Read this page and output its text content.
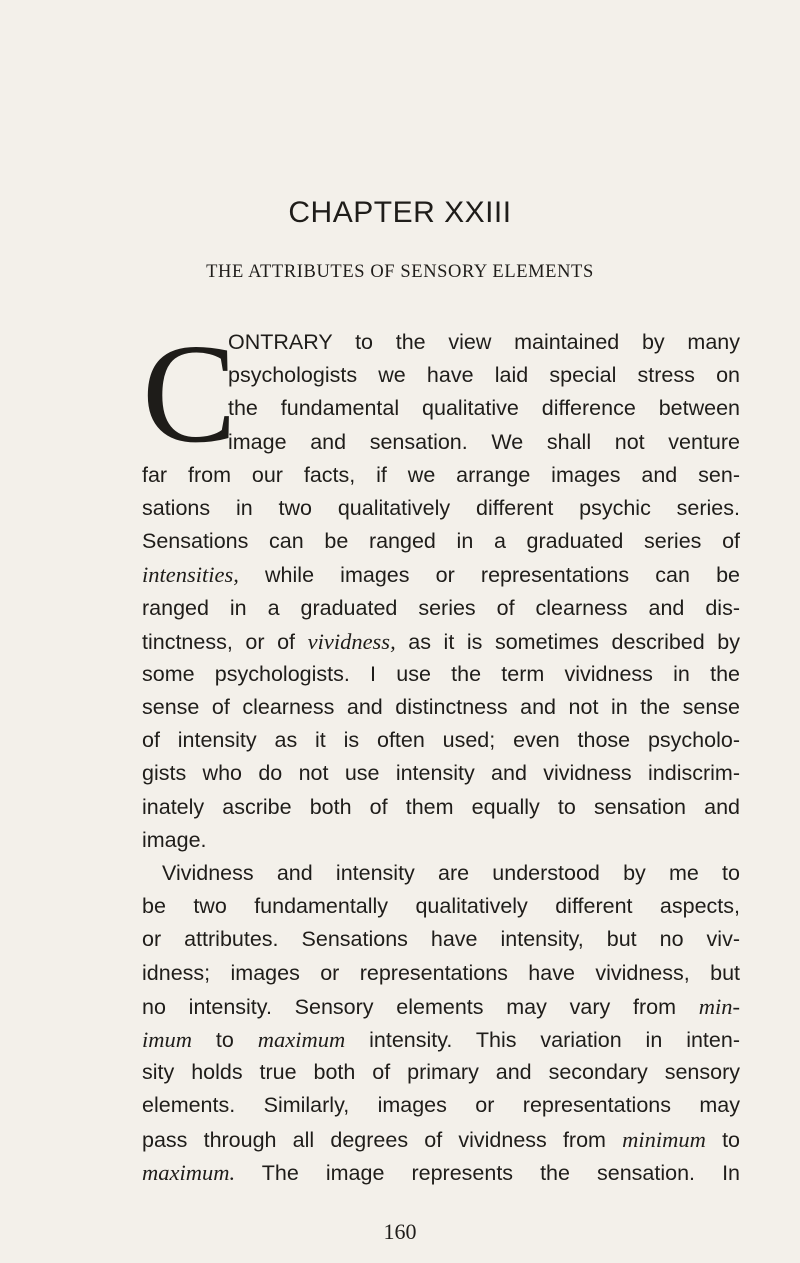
CHAPTER XXIII
THE ATTRIBUTES OF SENSORY ELEMENTS
C
ONTRARY to the view maintained by many
psychologists we have laid special stress on
the fundamental qualitative difference between
image and sensation. We shall not venture
far from our facts, if we arrange images and sen-
sations in two qualitatively different psychic series.
Sensations can be ranged in a graduated series of
intensities, while images or representations can be
ranged in a graduated series of clearness and dis-
tinctness, or of vividness, as it is sometimes described by
some psychologists. I use the term vividness in the
sense of clearness and distinctness and not in the sense
of intensity as it is often used; even those psycholo-
gists who do not use intensity and vividness indiscrim-
inately ascribe both of them equally to sensation and
image.
Vividness and intensity are understood by me to
be two fundamentally qualitatively different aspects,
or attributes. Sensations have intensity, but no viv-
idness; images or representations have vividness, but
no intensity. Sensory elements may vary from min-
imum to maximum intensity. This variation in inten-
sity holds true both of primary and secondary sensory
elements. Similarly, images or representations may
pass through all degrees of vividness from minimum to
maximum. The image represents the sensation. In
160
